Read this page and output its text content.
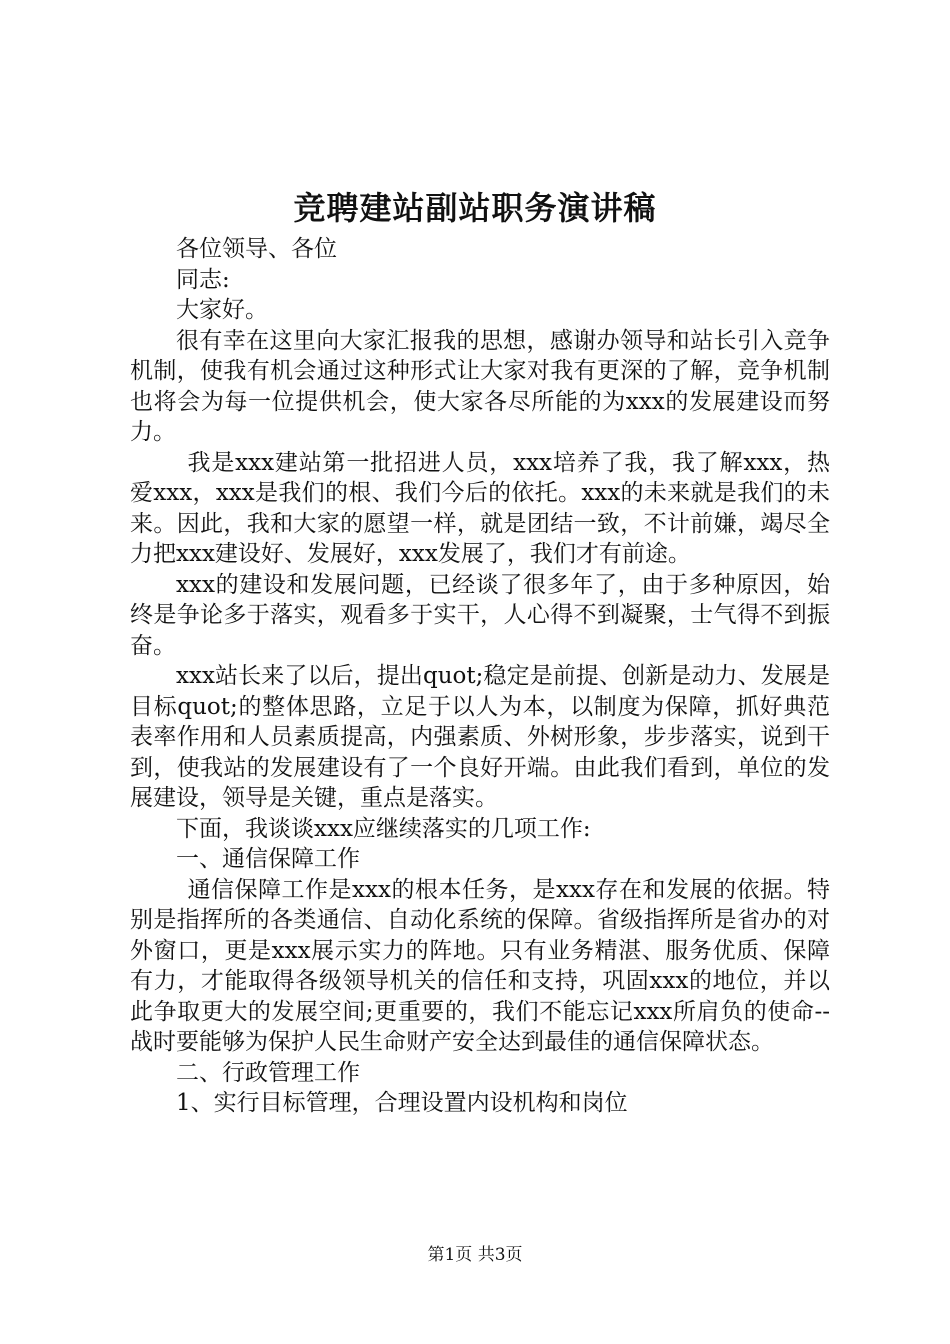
竞聘建站副站职务演讲稿

各位领导、各位

同志:

大家好。

很有幸在这里向大家汇报我的思想，感谢办领导和站长引入竞争机制，使我有机会通过这种形式让大家对我有更深的了解，竞争机制也将会为每一位提供机会，使大家各尽所能的为xxx的发展建设而努力。

我是xxx建站第一批招进人员，xxx培养了我，我了解xxx，热爱xxx，xxx是我们的根、我们今后的依托。xxx的未来就是我们的未来。因此，我和大家的愿望一样，就是团结一致，不计前嫌，竭尽全力把xxx建设好、发展好，xxx发展了，我们才有前途。

xxx的建设和发展问题，已经谈了很多年了，由于多种原因，始终是争论多于落实，观看多于实干，人心得不到凝聚，士气得不到振奋。

xxx站长来了以后，提出quot;稳定是前提、创新是动力、发展是目标quot;的整体思路，立足于以人为本，以制度为保障，抓好典范表率作用和人员素质提高，内强素质、外树形象，步步落实，说到干到，使我站的发展建设有了一个良好开端。由此我们看到，单位的发展建设，领导是关键，重点是落实。

下面，我谈谈xxx应继续落实的几项工作:

一、通信保障工作

通信保障工作是xxx的根本任务，是xxx存在和发展的依据。特别是指挥所的各类通信、自动化系统的保障。省级指挥所是省办的对外窗口，更是xxx展示实力的阵地。只有业务精湛、服务优质、保障有力，才能取得各级领导机关的信任和支持，巩固xxx的地位，并以此争取更大的发展空间;更重要的，我们不能忘记xxx所肩负的使命--战时要能够为保护人民生命财产安全达到最佳的通信保障状态。

二、行政管理工作

1、实行目标管理，合理设置内设机构和岗位

第1页 共3页
